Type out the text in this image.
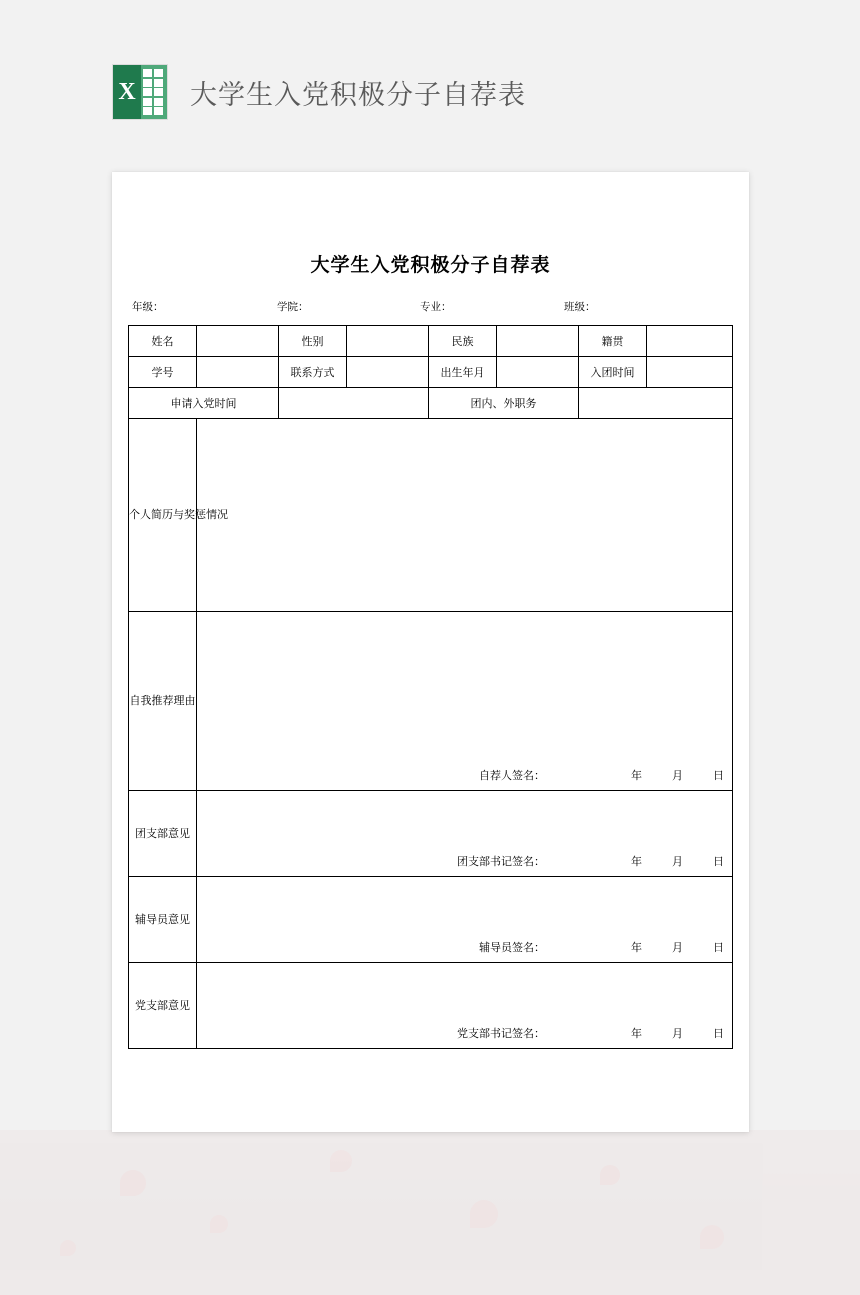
X 大学生入党积极分子自荐表
大学生入党积极分子自荐表
年级：	学院：	专业：	班级：
姓名		性别		民族		籍贯	
学号		联系方式		出生年月		入团时间	
申请入党时间				团内、外职务			
个人简历与奖惩情况							

自我推荐理由	自荐人签名： 年 月 日						

团支部意见	团支部书记签名： 年 月 日						

辅导员意见	辅导员签名： 年 月 日						

党支部意见	党支部书记签名： 年 月 日						
